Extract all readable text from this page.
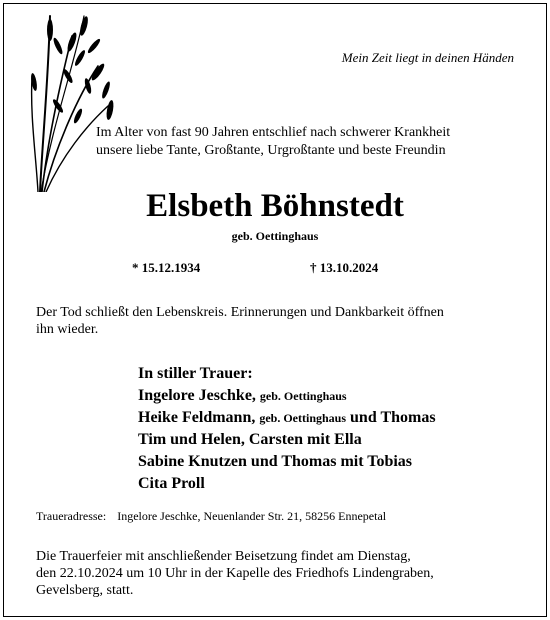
Mein Zeit liegt in deinen Händen
Im Alter von fast 90 Jahren entschlief nach schwerer Krankheit
unsere liebe Tante, Großtante, Urgroßtante und beste Freundin
Elsbeth Böhnstedt
geb. Oettinghaus
* 15.12.1934	† 13.10.2024
Der Tod schließt den Lebenskreis. Erinnerungen und Dankbarkeit öffnen
ihn wieder.
In stiller Trauer:
Ingelore Jeschke, geb. Oettinghaus
Heike Feldmann, geb. Oettinghaus und Thomas
Tim und Helen, Carsten mit Ella
Sabine Knutzen und Thomas mit Tobias
Cita Proll
Traueradresse: Ingelore Jeschke, Neuenlander Str. 21, 58256 Ennepetal
Die Trauerfeier mit anschließender Beisetzung findet am Dienstag,
den 22.10.2024 um 10 Uhr in der Kapelle des Friedhofs Lindengraben,
Gevelsberg, statt.
